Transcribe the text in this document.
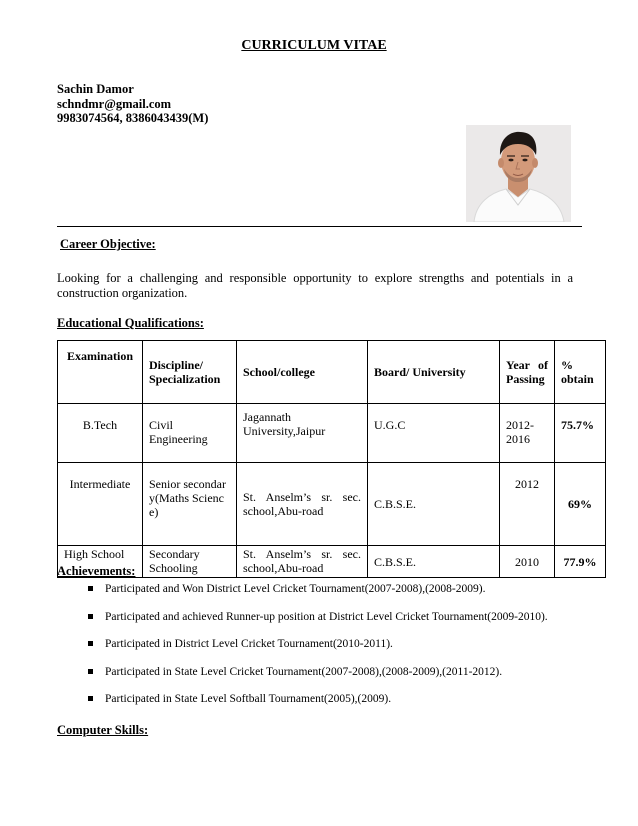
CURRICULUM VITAE
Sachin Damor
schndmr@gmail.com
9983074564, 8386043439(M)
Career Objective:
Looking for a challenging and responsible opportunity to explore strengths and potentials in a construction organization.
Educational Qualifications:
Examination	Discipline/ Specialization	School/college	Board/ University	Year of Passing	% obtain
B.Tech	Civil Engineering	Jagannath University,Jaipur	U.G.C	2012-2016	75.7%
Intermediate	Senior secondary(Maths Science)	St. Anselm’s sr. sec. school,Abu-road	C.B.S.E.	2012	69%
High School	Secondary Schooling	St. Anselm’s sr. sec. school,Abu-road	C.B.S.E.	2010	77.9%
Achievements:
Participated and Won District Level Cricket Tournament(2007-2008),(2008-2009).
Participated and achieved Runner-up position at District Level Cricket Tournament(2009-2010).
Participated in District Level Cricket Tournament(2010-2011).
Participated in State Level Cricket Tournament(2007-2008),(2008-2009),(2011-2012).
Participated in State Level Softball Tournament(2005),(2009).
Computer Skills:
